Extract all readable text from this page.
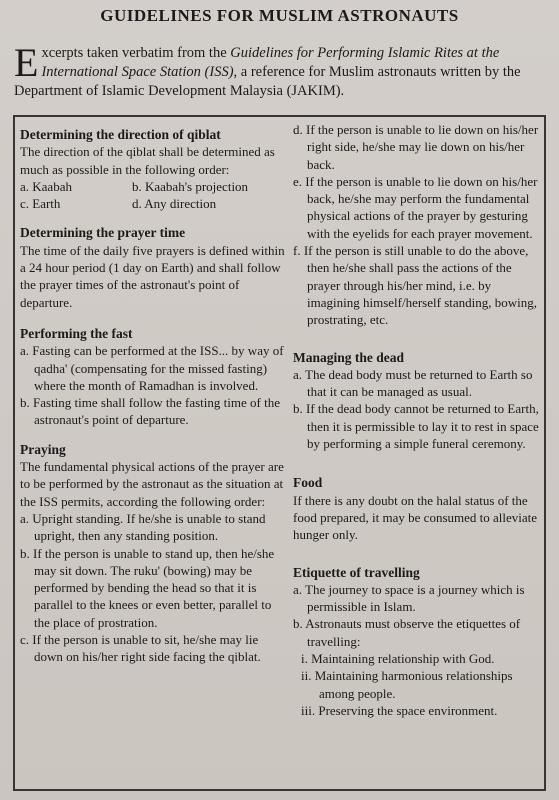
GUIDELINES FOR MUSLIM ASTRONAUTS
Excerpts taken verbatim from the Guidelines for Performing Islamic Rites at the International Space Station (ISS), a reference for Muslim astronauts written by the Department of Islamic Development Malaysia (JAKIM).
Determining the direction of qiblat

The direction of the qiblat shall be determined as much as possible in the following order:

a. Kaabah	b. Kaabah's projection
c. Earth	d. Any direction
Determining the prayer time

The time of the daily five prayers is defined within a 24 hour period (1 day on Earth) and shall follow the prayer times of the astronaut's point of departure.

Performing the fast

a. Fasting can be performed at the ISS... by way of qadha' (compensating for the missed fasting) where the month of Ramadhan is involved.

b. Fasting time shall follow the fasting time of the astronaut's point of departure.

Praying

The fundamental physical actions of the prayer are to be performed by the astronaut as the situation at the ISS permits, according the following order:

a. Upright standing. If he/she is unable to stand upright, then any standing position.

b. If the person is unable to stand up, then he/she may sit down. The ruku' (bowing) may be performed by bending the head so that it is parallel to the knees or even better, parallel to the place of prostration.

c. If the person is unable to sit, he/she may lie down on his/her right side facing the qiblat.

d. If the person is unable to lie down on his/her right side, he/she may lie down on his/her back.

e. If the person is unable to lie down on his/her back, he/she may perform the fundamental physical actions of the prayer by gesturing with the eyelids for each prayer movement.

f. If the person is still unable to do the above, then he/she shall pass the actions of the prayer through his/her mind, i.e. by imagining himself/herself standing, bowing, prostrating, etc.

Managing the dead

a. The dead body must be returned to Earth so that it can be managed as usual.

b. If the dead body cannot be returned to Earth, then it is permissible to lay it to rest in space by performing a simple funeral ceremony.

Food

If there is any doubt on the halal status of the food prepared, it may be consumed to alleviate hunger only.

Etiquette of travelling

a. The journey to space is a journey which is permissible in Islam.

b. Astronauts must observe the etiquettes of travelling:

i. Maintaining relationship with God.

ii. Maintaining harmonious relationships among people.

iii. Preserving the space environment.
